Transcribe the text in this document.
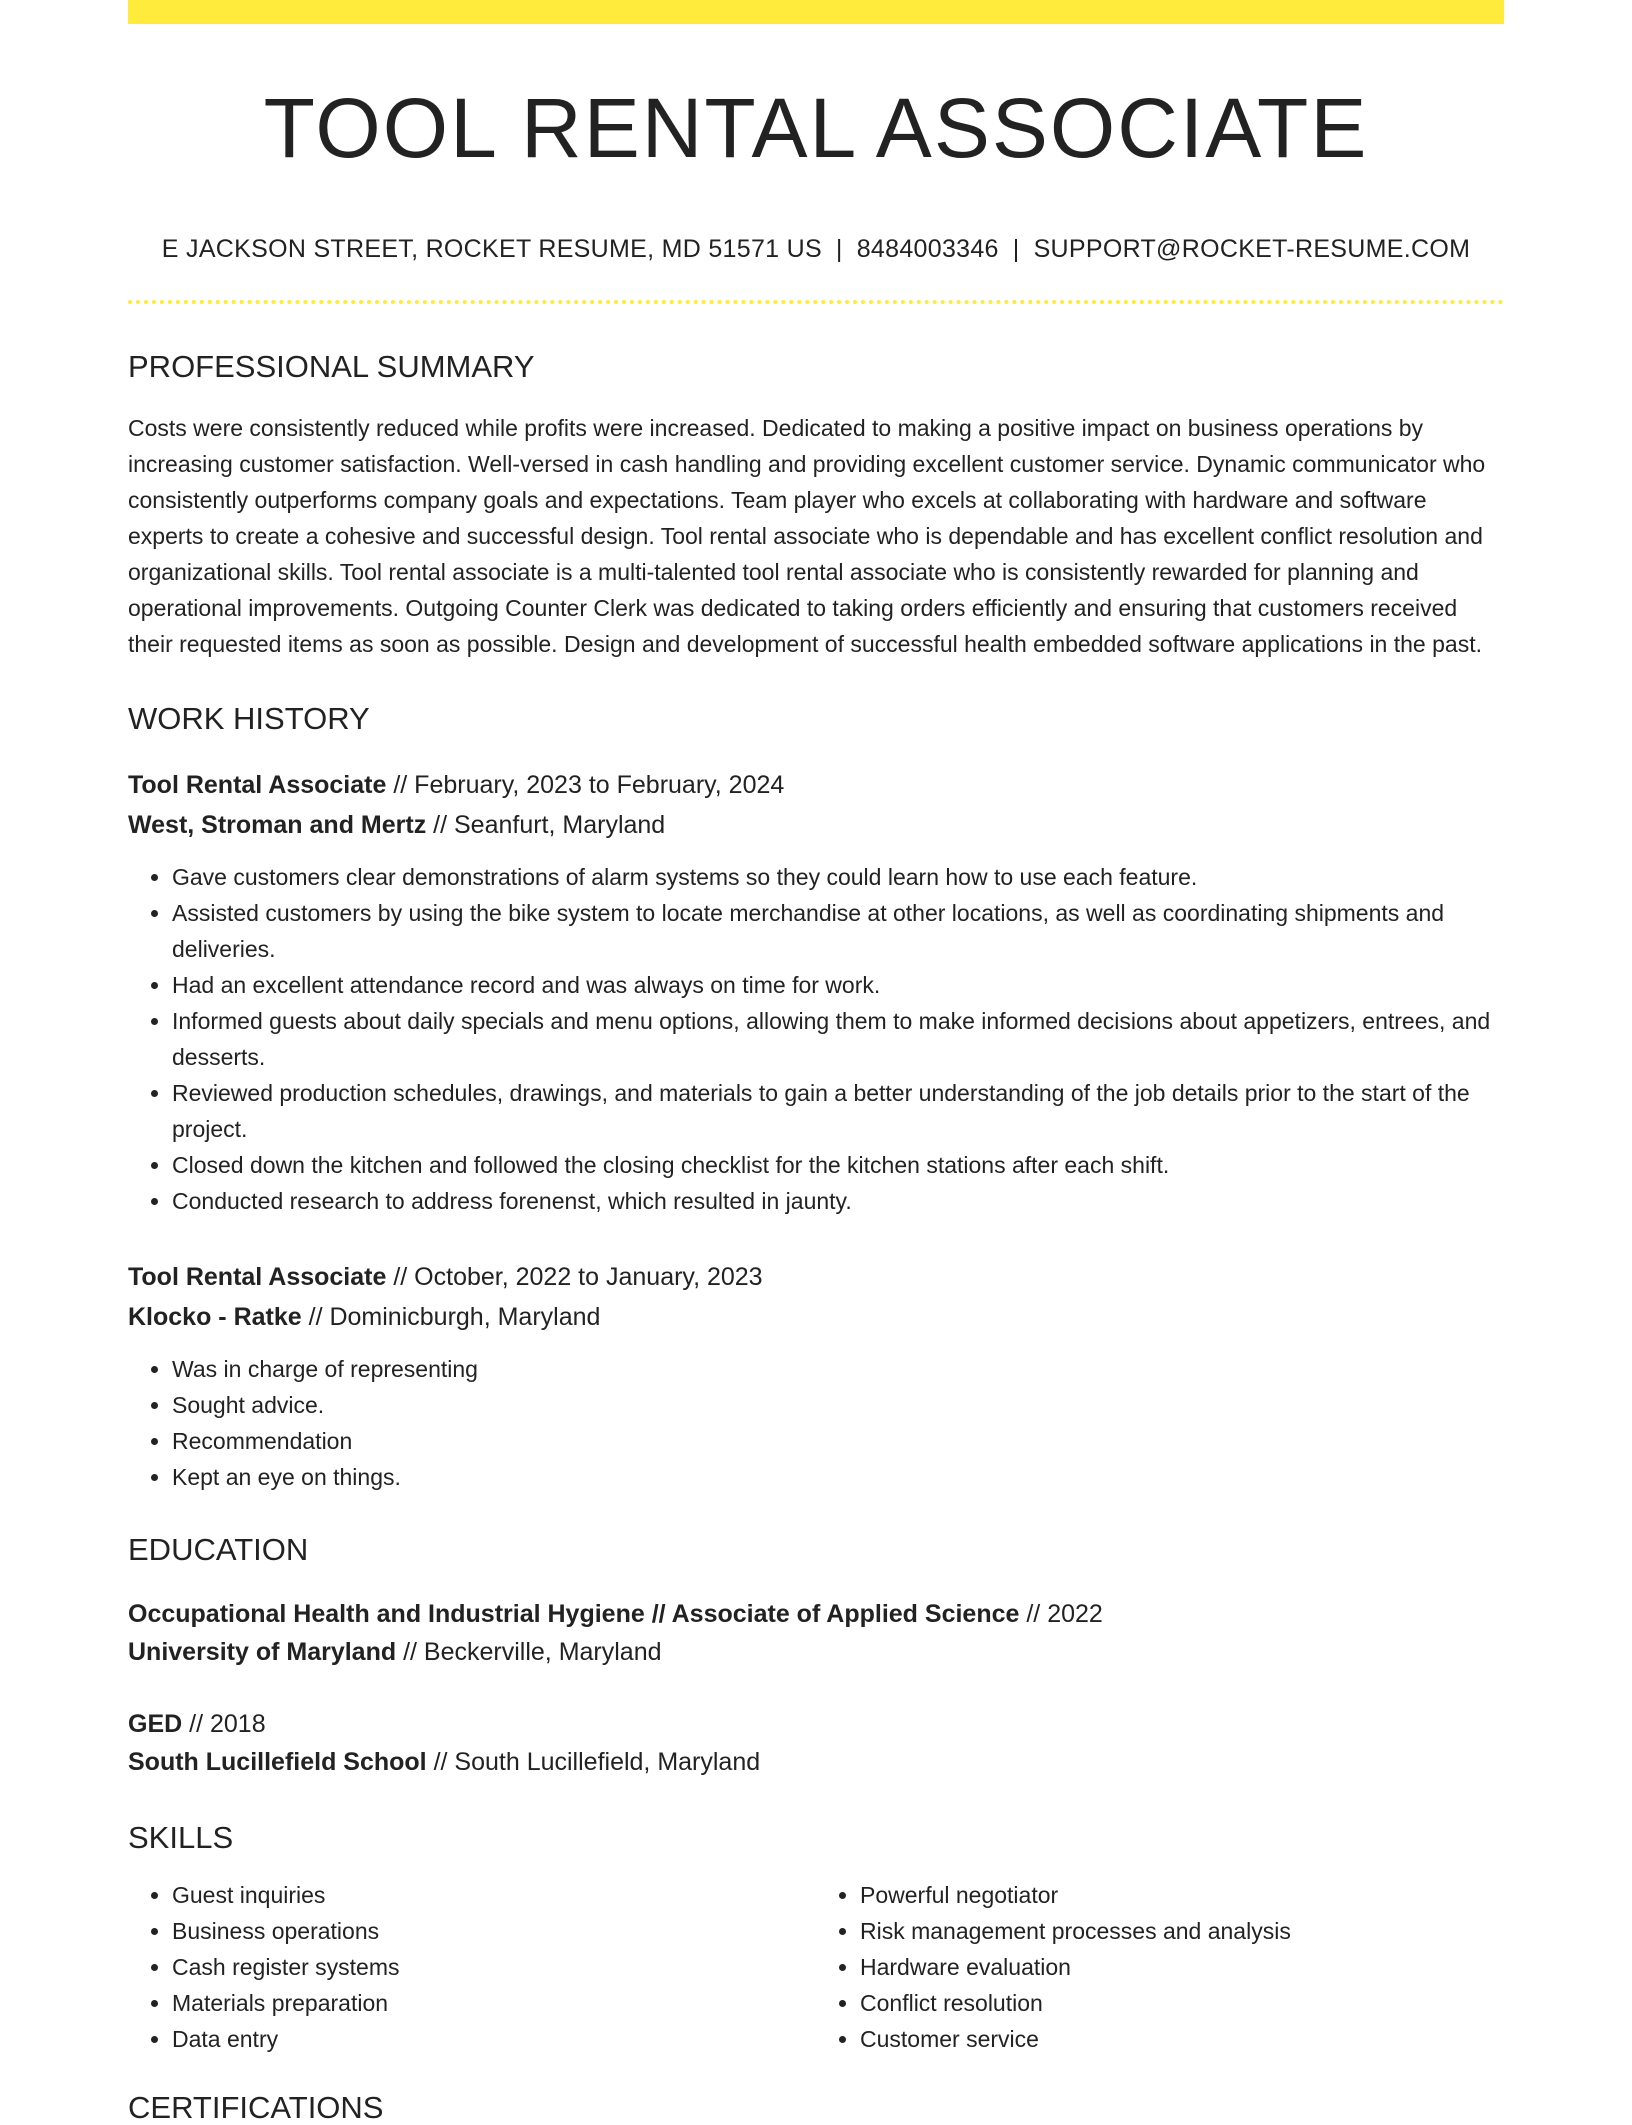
TOOL RENTAL ASSOCIATE
E JACKSON STREET, ROCKET RESUME, MD 51571 US | 8484003346 | SUPPORT@ROCKET-RESUME.COM
PROFESSIONAL SUMMARY

Costs were consistently reduced while profits were increased. Dedicated to making a positive impact on business operations by increasing customer satisfaction. Well-versed in cash handling and providing excellent customer service. Dynamic communicator who consistently outperforms company goals and expectations. Team player who excels at collaborating with hardware and software experts to create a cohesive and successful design. Tool rental associate who is dependable and has excellent conflict resolution and organizational skills. Tool rental associate is a multi-talented tool rental associate who is consistently rewarded for planning and operational improvements. Outgoing Counter Clerk was dedicated to taking orders efficiently and ensuring that customers received their requested items as soon as possible. Design and development of successful health embedded software applications in the past.

WORK HISTORY
Tool Rental Associate // February, 2023 to February, 2024
West, Stroman and Mertz // Seanfurt, Maryland
• Gave customers clear demonstrations of alarm systems so they could learn how to use each feature.
• Assisted customers by using the bike system to locate merchandise at other locations, as well as coordinating shipments and deliveries.
• Had an excellent attendance record and was always on time for work.
• Informed guests about daily specials and menu options, allowing them to make informed decisions about appetizers, entrees, and desserts.
• Reviewed production schedules, drawings, and materials to gain a better understanding of the job details prior to the start of the project.
• Closed down the kitchen and followed the closing checklist for the kitchen stations after each shift.
• Conducted research to address forenenst, which resulted in jaunty.
Tool Rental Associate // October, 2022 to January, 2023
Klocko - Ratke // Dominicburgh, Maryland
• Was in charge of representing
• Sought advice.
• Recommendation
• Kept an eye on things.
EDUCATION
Occupational Health and Industrial Hygiene // Associate of Applied Science // 2022
University of Maryland // Beckerville, Maryland
GED // 2018
South Lucillefield School // South Lucillefield, Maryland
SKILLS
• Guest inquiries
• Business operations
• Cash register systems
• Materials preparation
• Data entry
• Powerful negotiator
• Risk management processes and analysis
• Hardware evaluation
• Conflict resolution
• Customer service
CERTIFICATIONS
